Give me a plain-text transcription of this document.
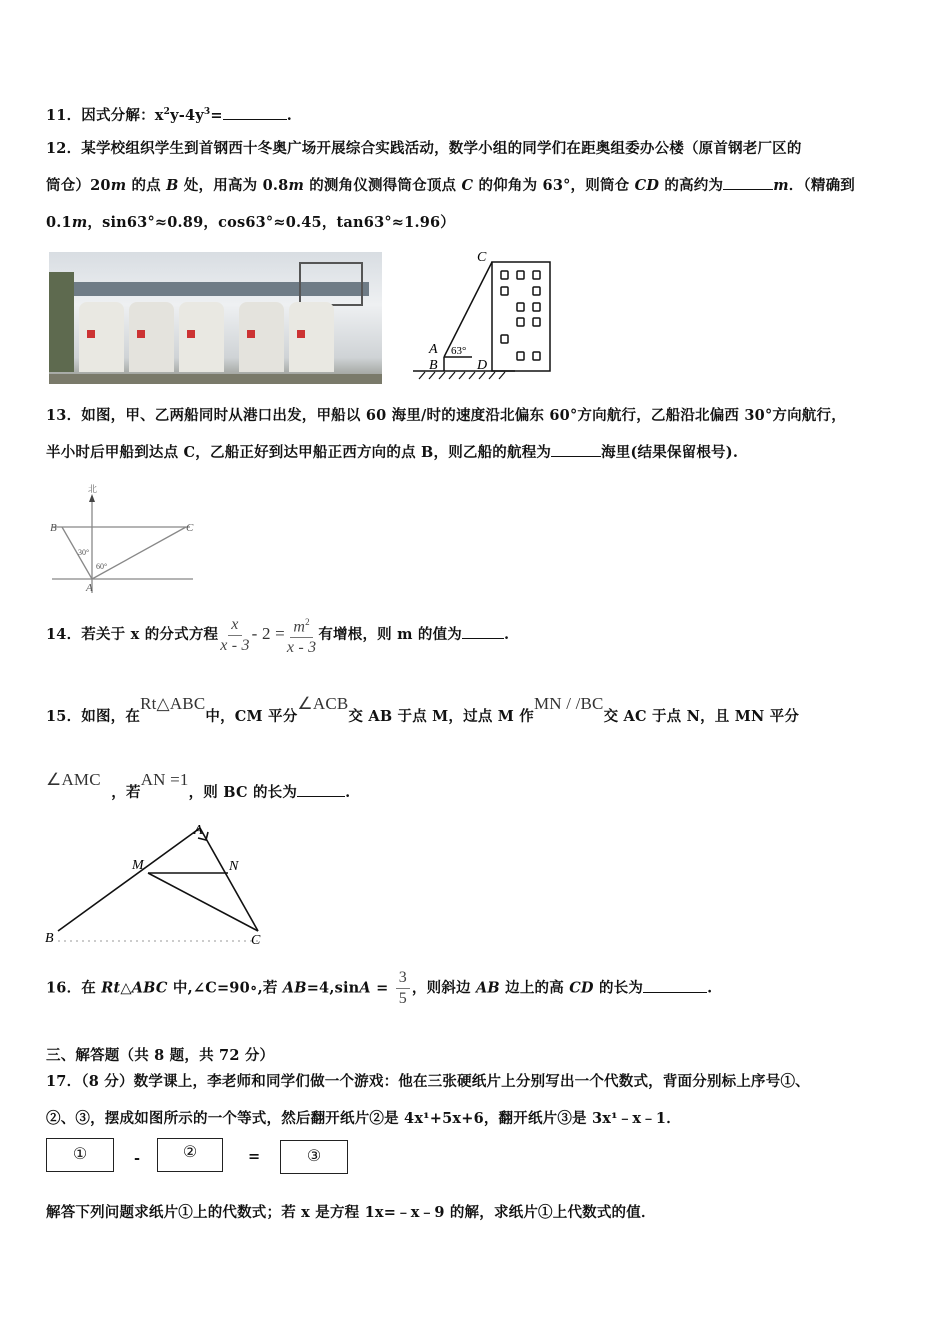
11．因式分解：$x^2y-4y^3=$	.
12．某学校组织学生到首钢西十冬奥广场开展综合实践活动，数学小组的同学们在距奥组委办公楼（原首钢老厂区的
筒仓）20m 的点 B 处，用高为 0.8m 的测角仪测得筒仓顶点 C 的仰角为 63°，则筒仓 CD 的高约为	m．（精确到
0.1m，sin63°≈0.89，cos63°≈0.45，tan63°≈1.96）
C
A
B	D
63°
13．如图，甲、乙两船同时从港口出发，甲船以 60 海里/时的速度沿北偏东 60°方向航行，乙船沿北偏西 30°方向航行，
半小时后甲船到达点 C，乙船正好到达甲船正西方向的点 B，则乙船的航程为	海里(结果保留根号).
北
B	C
A
30°
60°
14．若关于 x 的分式方程 $\frac{x}{x - 3} - 2 = \frac{m^2}{x - 3}$ 有增根，则 m 的值为	.
15．如图，在Rt△ABC中，CM 平分∠ACB交 AB 于点 M，过点 M 作MN / /BC交 AC 于点 N，且 MN 平分
∠AMC  ，若AN =1，则 BC 的长为	.
A
M	N
B	C
16．在 Rt△ABC 中,∠C=90∘,若 $AB=4,\sin A = \frac{3}{5}$ ，则斜边 AB 边上的高 CD 的长为	.
三、解答题（共 8 题，共 72 分）
17．（8 分）数学课上，李老师和同学们做一个游戏：他在三张硬纸片上分别写出一个代数式，背面分别标上序号①、
②、③，摆成如图所示的一个等式，然后翻开纸片②是 4x¹+5x+6，翻开纸片③是 3x¹﹣x﹣1．
①	-	②	=	③
解答下列问题求纸片①上的代数式；若 x 是方程 1x=﹣x﹣9 的解，求纸片①上代数式的值．
